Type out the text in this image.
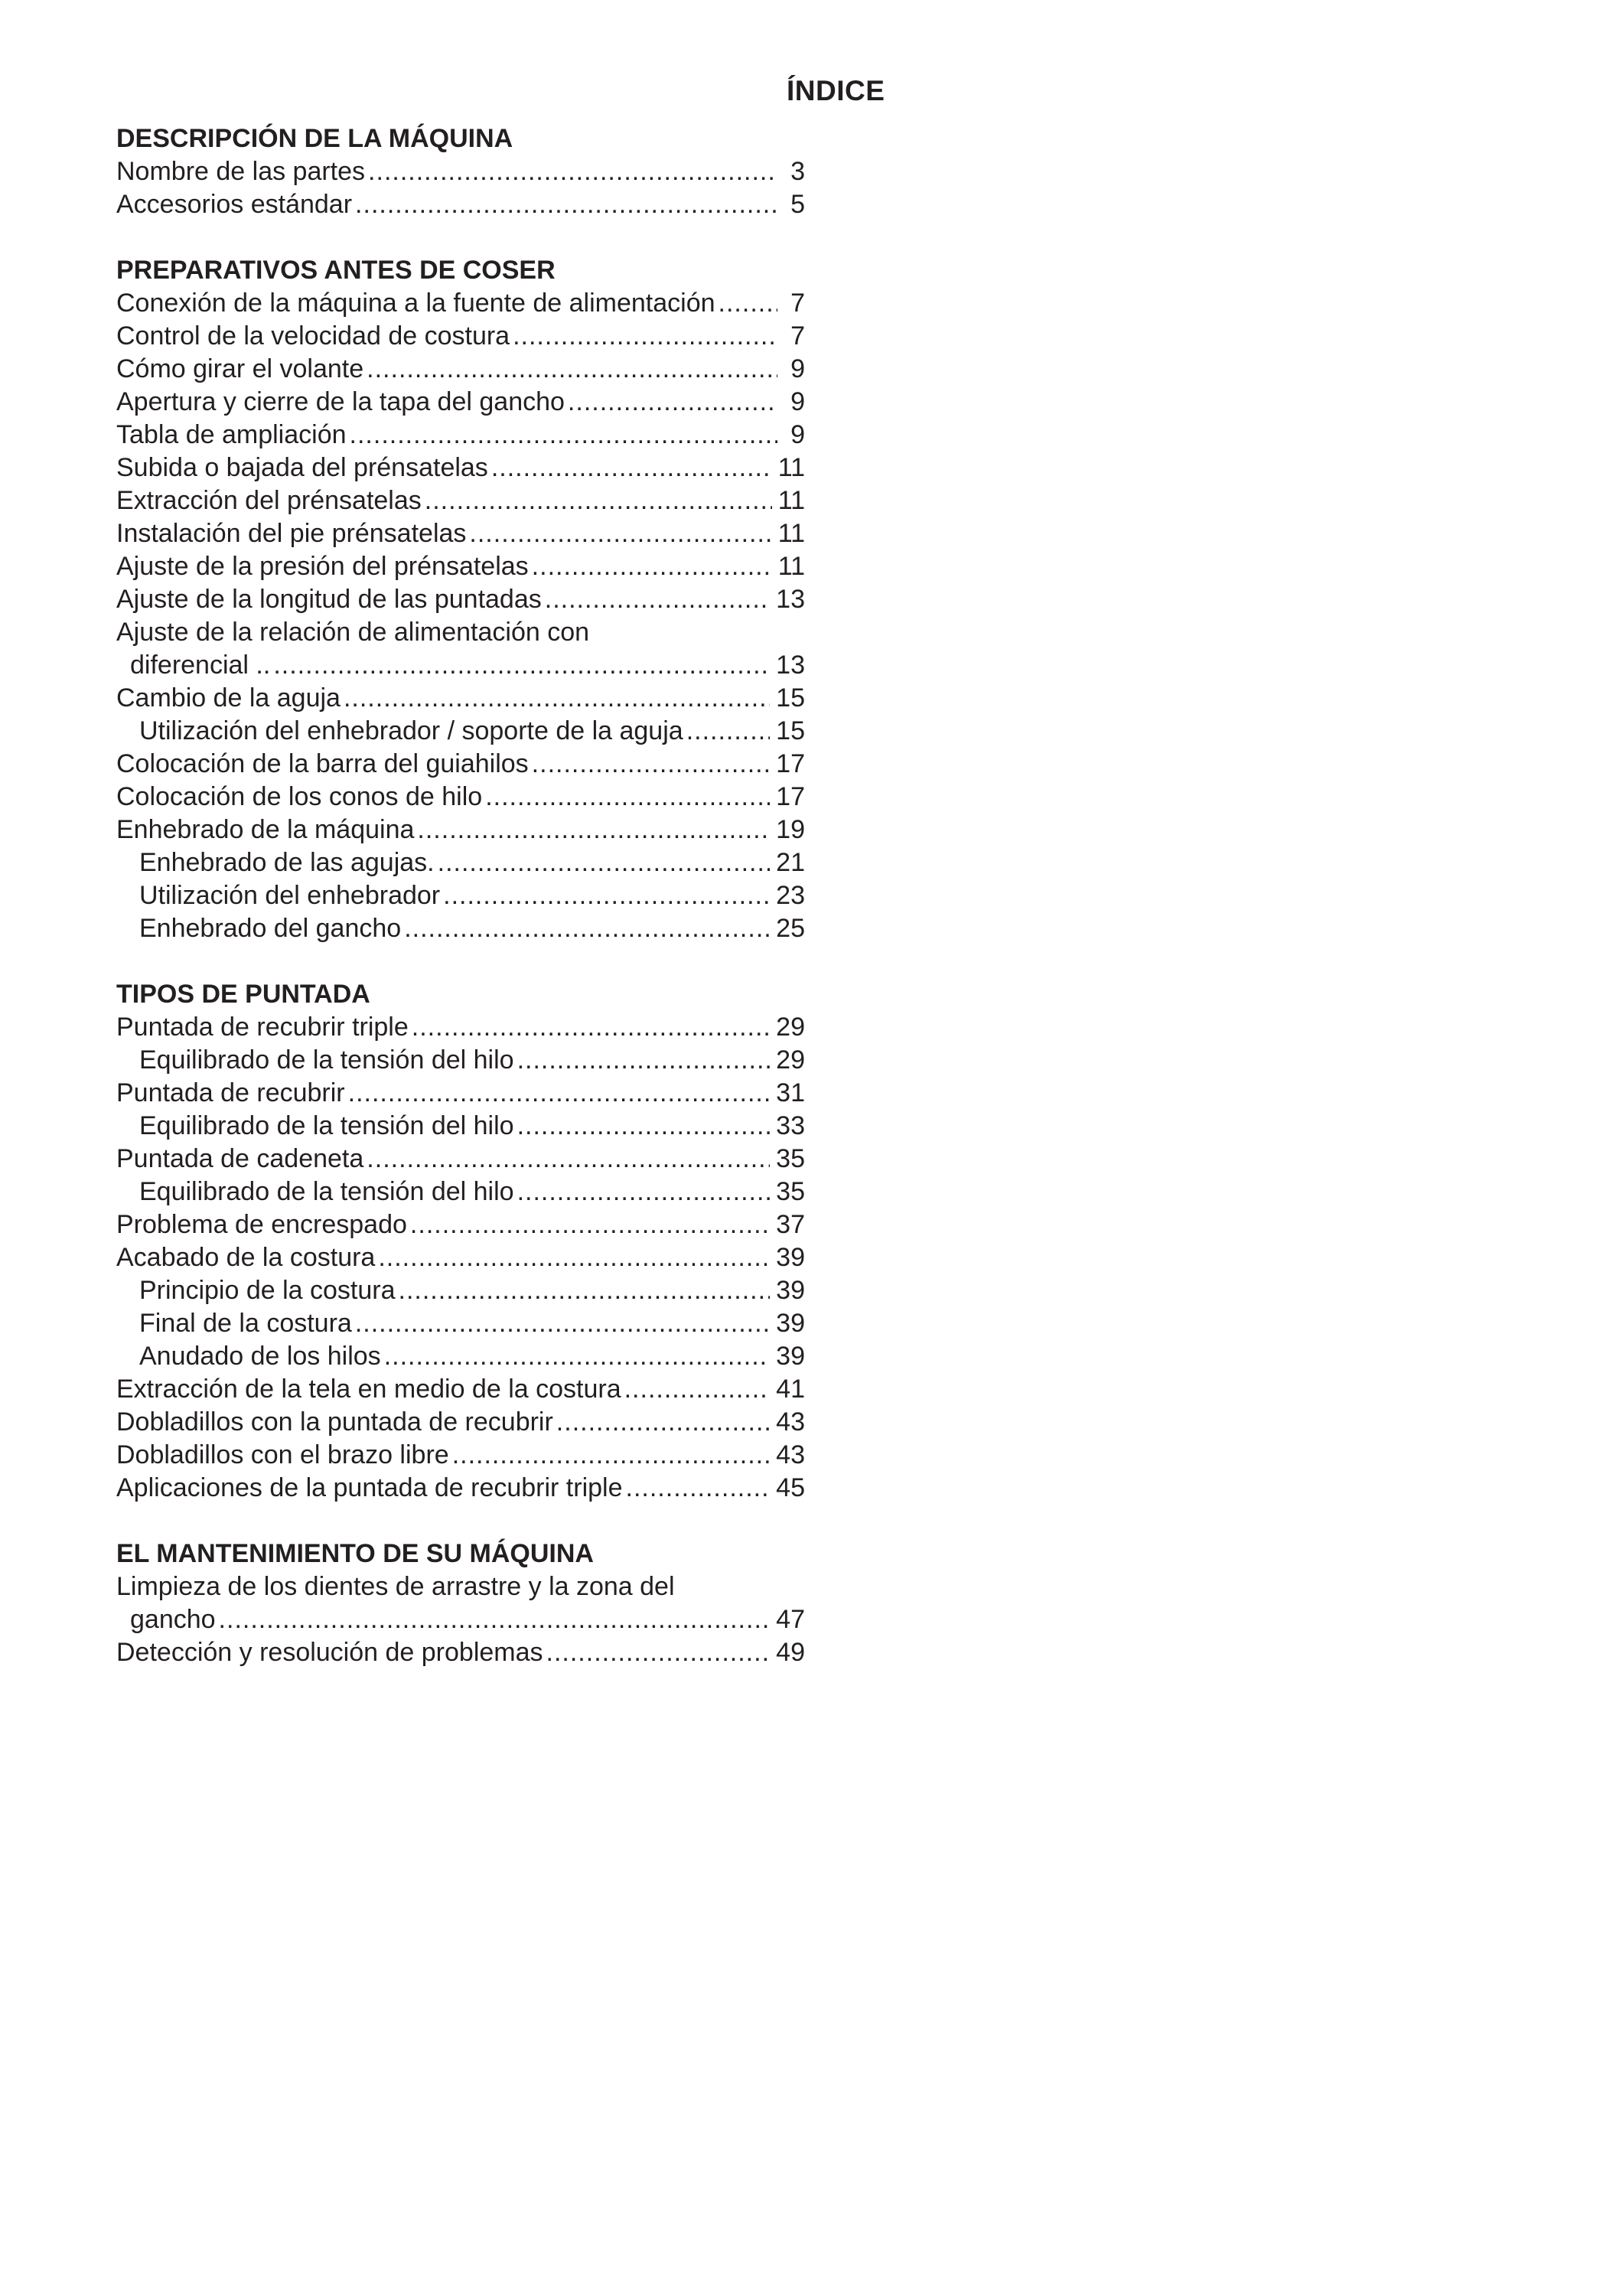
ÍNDICE
DESCRIPCIÓN DE LA MÁQUINA
Nombre de las partes .....	3
Accesorios estándar .....	5
PREPARATIVOS ANTES DE COSER
Conexión de la máquina a la fuente de alimentación .....	7
Control de la velocidad de costura .....	7
Cómo girar el volante .....	9
Apertura y cierre de la tapa del gancho .....	9
Tabla de ampliación .....	9
Subida o bajada del prénsatelas .....	11
Extracción del prénsatelas .....	11
Instalación del pie prénsatelas .....	11
Ajuste de la presión del prénsatelas .....	11
Ajuste de la longitud de las puntadas .....	13
Ajuste de la relación de alimentación con
diferencial .. .....	13
Cambio de la aguja .....	15
Utilización del enhebrador / soporte de la aguja .....	15
Colocación de la barra del guiahilos .....	17
Colocación de los conos de hilo .....	17
Enhebrado de la máquina .....	19
Enhebrado de las agujas. .....	21
Utilización del enhebrador .....	23
Enhebrado del gancho .....	25
TIPOS DE PUNTADA
Puntada de recubrir triple .....	29
Equilibrado de la tensión del hilo .....	29
Puntada de recubrir .....	31
Equilibrado de la tensión del hilo .....	33
Puntada de cadeneta .....	35
Equilibrado de la tensión del hilo .....	35
Problema de encrespado .....	37
Acabado de la costura .....	39
Principio de la costura .....	39
Final de la costura .....	39
Anudado de los hilos .....	39
Extracción de la tela en medio de la costura .....	41
Dobladillos con la puntada de recubrir .....	43
Dobladillos con el brazo libre .....	43
Aplicaciones de la puntada de recubrir triple .....	45
EL MANTENIMIENTO DE SU MÁQUINA
Limpieza de los dientes de arrastre y la zona del
gancho .....	47
Detección y resolución de problemas .....	49
